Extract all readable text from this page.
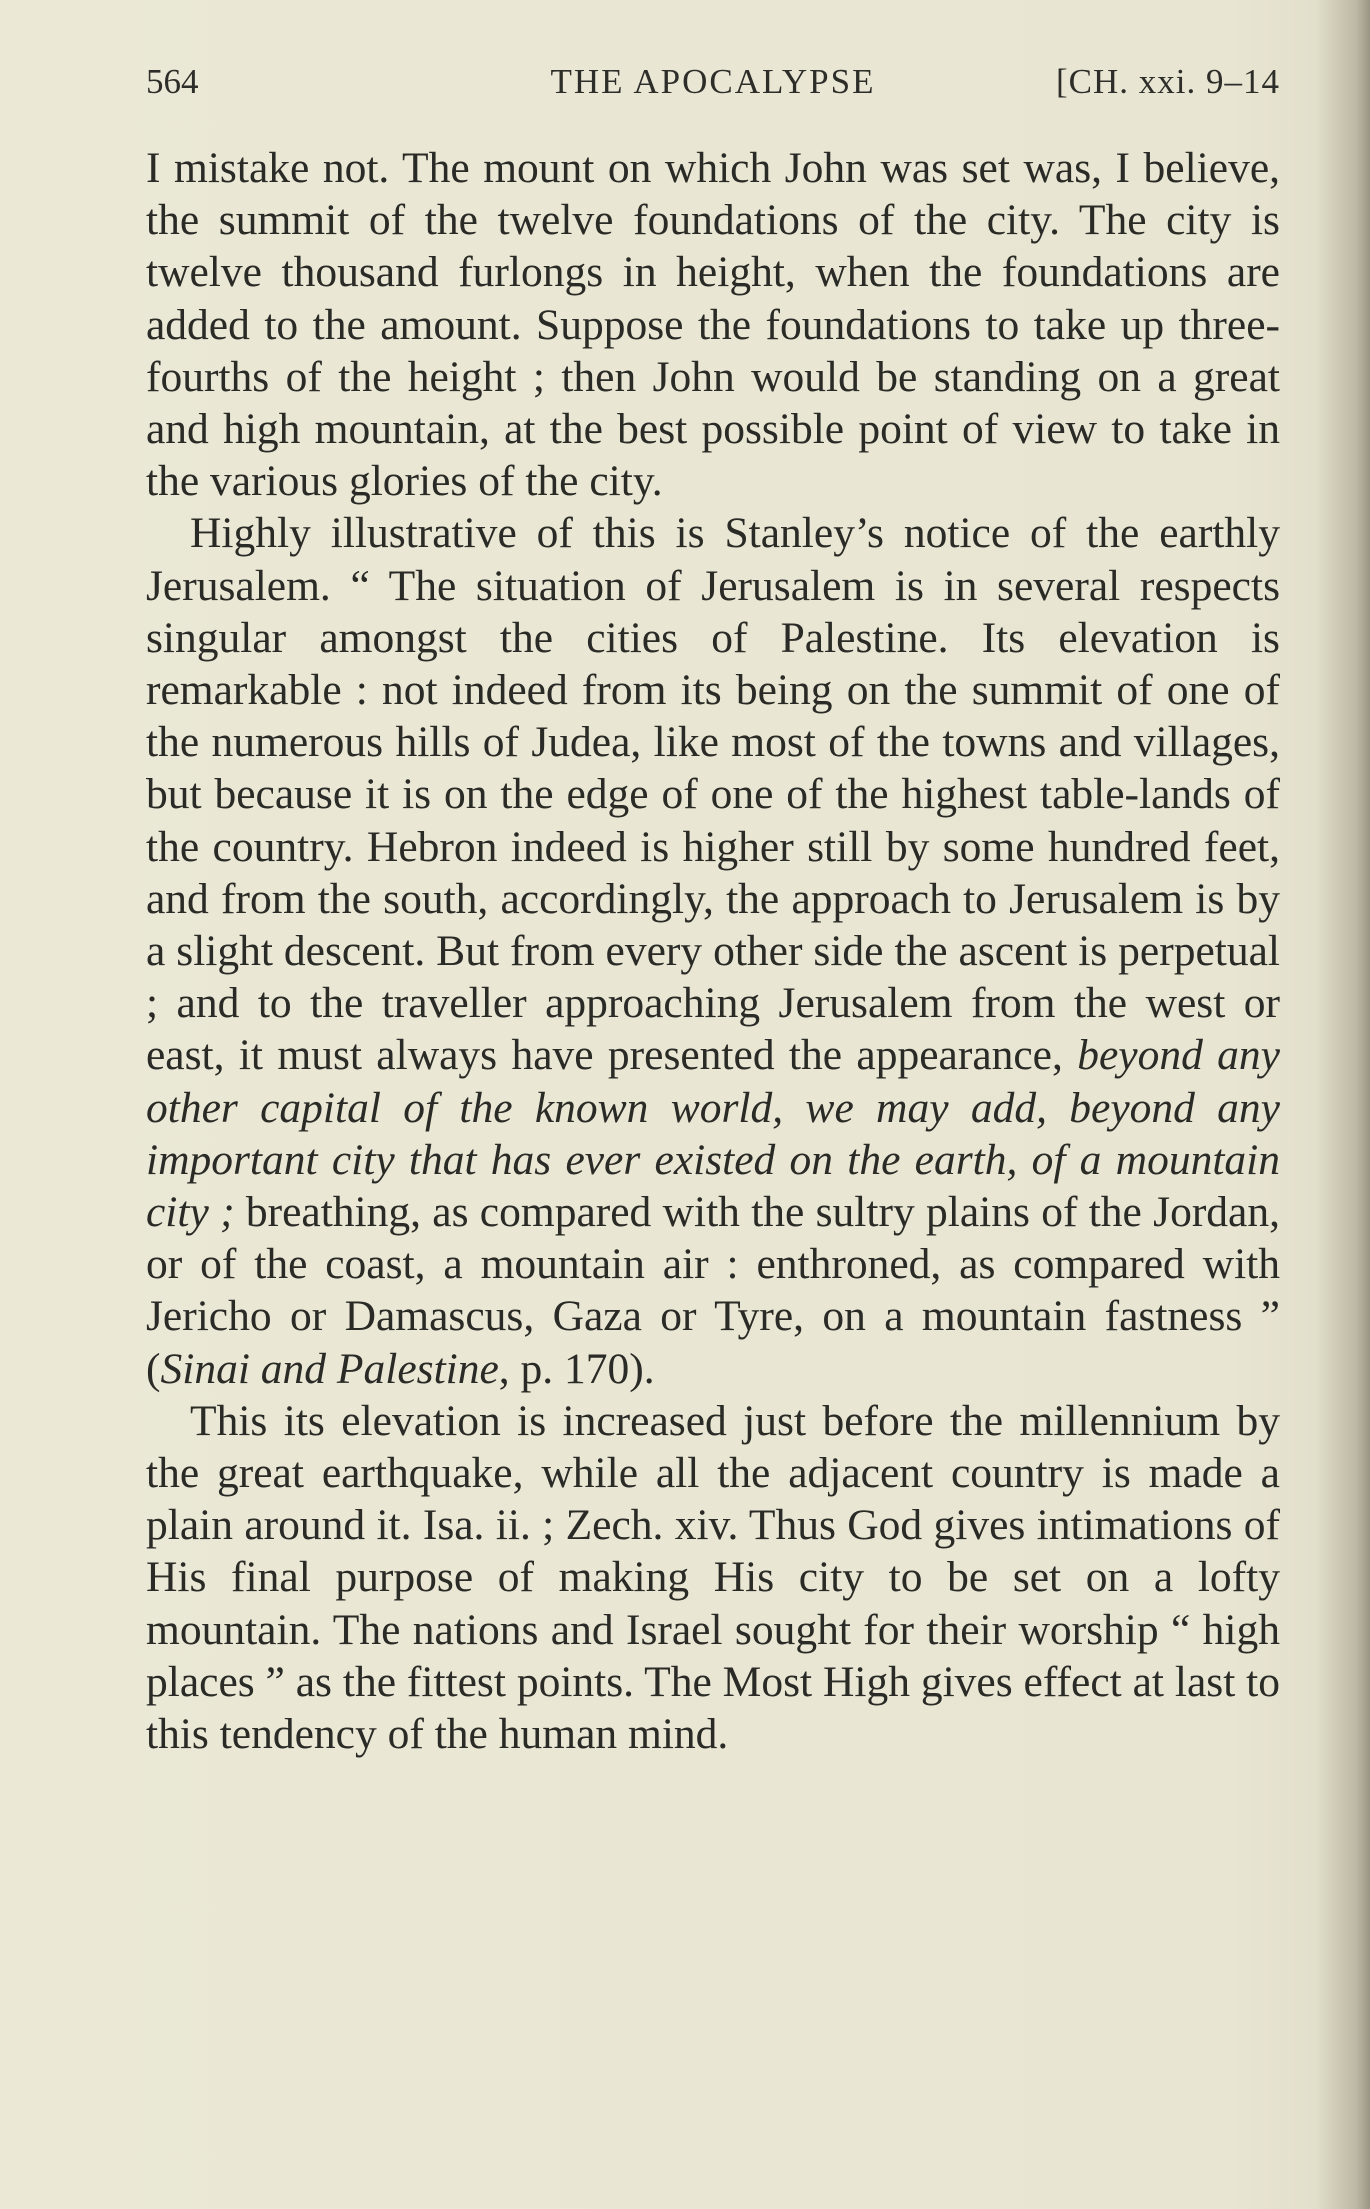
564	THE APOCALYPSE	[CH. xxi. 9–14

I mistake not. The mount on which John was set was, I believe, the summit of the twelve foundations of the city. The city is twelve thousand furlongs in height, when the foundations are added to the amount. Suppose the foundations to take up three-fourths of the height ; then John would be standing on a great and high mountain, at the best possible point of view to take in the various glories of the city.

Highly illustrative of this is Stanley’s notice of the earthly Jerusalem. “ The situation of Jerusalem is in several respects singular amongst the cities of Palestine. Its elevation is remarkable : not indeed from its being on the summit of one of the numerous hills of Judea, like most of the towns and villages, but because it is on the edge of one of the highest table-lands of the country. Hebron indeed is higher still by some hundred feet, and from the south, accordingly, the approach to Jerusalem is by a slight descent. But from every other side the ascent is perpetual ; and to the traveller approaching Jerusalem from the west or east, it must always have presented the appearance, beyond any other capital of the known world, we may add, beyond any important city that has ever existed on the earth, of a mountain city ; breathing, as compared with the sultry plains of the Jordan, or of the coast, a mountain air : enthroned, as compared with Jericho or Damascus, Gaza or Tyre, on a mountain fastness ” (Sinai and Palestine, p. 170).

This its elevation is increased just before the millennium by the great earthquake, while all the adjacent country is made a plain around it. Isa. ii. ; Zech. xiv. Thus God gives intimations of His final purpose of making His city to be set on a lofty mountain. The nations and Israel sought for their worship “ high places ” as the fittest points. The Most High gives effect at last to this tendency of the human mind.
